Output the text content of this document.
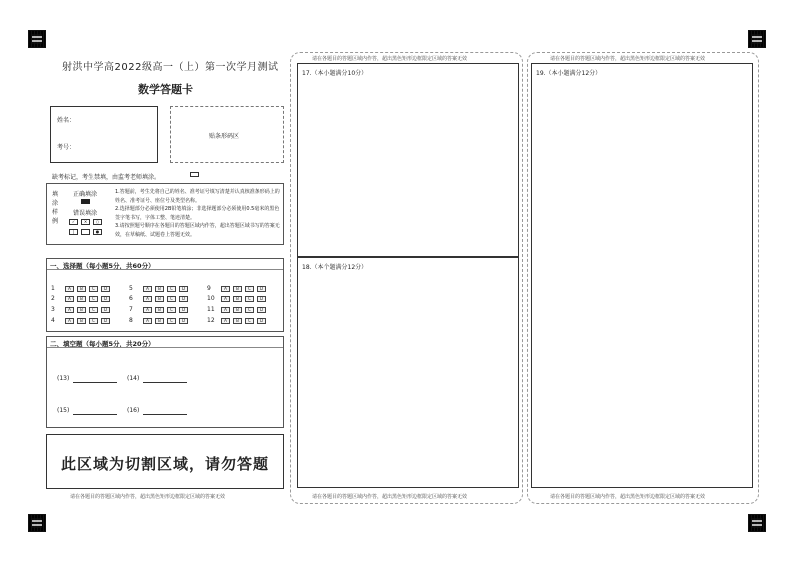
射洪中学高2022级高一（上）第一次学月测试
数学答题卡
姓名：
考号：
贴条形码区
缺考标记，考生禁填，由监考老师填涂。
填
涂
样
例
正确填涂
错误填涂
✓	✕	○
│	●
1.答题前，考生先将自己的姓名、准考证号填写清楚并认真核准条形码上的姓名、准考证号、座位号及类型名称。
2.选择题部分必须使用2B铅笔填涂；非选择题部分必须使用0.5毫米的黑色签字笔书写，字体工整、笔迹清楚。
3.请按照题号顺序在各题目的答题区域内作答，超出答题区域书写的答案无效，在草稿纸、试题卷上答题无效。
一、选择题（每小题5分，共60分）
1	A	B	C	D
2	A	B	C	D
3	A	B	C	D
4	A	B	C	D
5	A	B	C	D
6	A	B	C	D
7	A	B	C	D
8	A	B	C	D
9	A	B	C	D
10	A	B	C	D
11	A	B	C	D
12	A	B	C	D
二、填空题（每小题5分，共20分）
(13)	(14)
(15)	(16)
此区域为切割区域，请勿答题
请在各题目的答题区域内作答，超出黑色矩形边框限定区域的答案无效
请在各题目的答题区域内作答，超出黑色矩形边框限定区域的答案无效
17.（本小题满分10分）
18.（本个题满分12分）
请在各题目的答题区域内作答，超出黑色矩形边框限定区域的答案无效
请在各题目的答题区域内作答，超出黑色矩形边框限定区域的答案无效
19.（本小题满分12分）
请在各题目的答题区域内作答，超出黑色矩形边框限定区域的答案无效
